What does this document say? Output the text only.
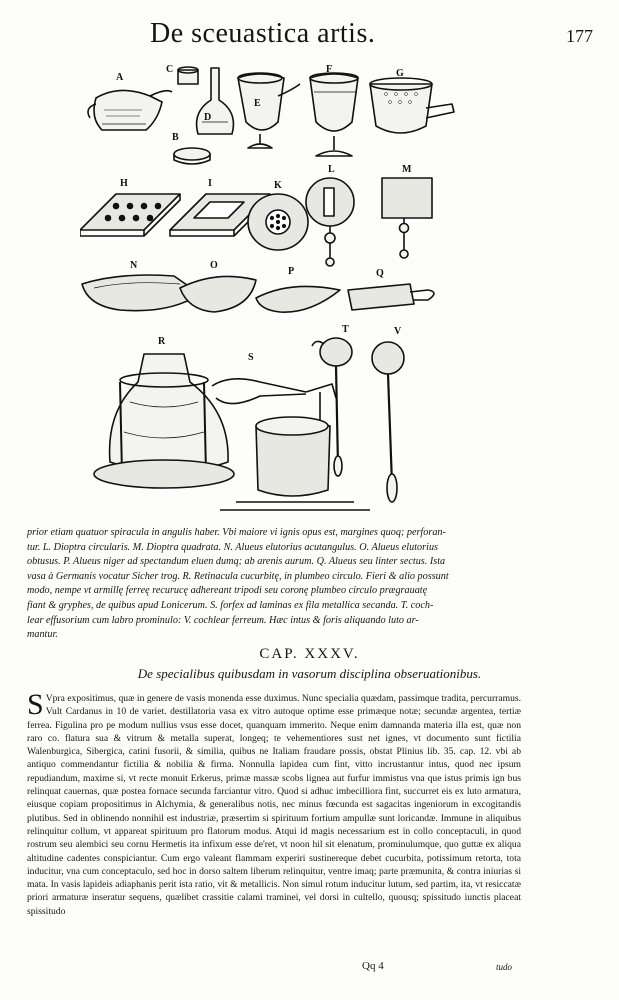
De sceuastica artis.	177
A
B
C
D
E
F	G
H	I	K
L	M
N	O
P	Q
R
S
T	V
prior etiam quatuor spiracula in angulis haber. Vbi maiore vi ignis opus est, margines quoq; perforan-
tur. L. Dioptra circularis. M. Dioptra quadrata. N. Alueus elutorius acutangulus. O. Alueus elutorius
obtusus. P. Alueus niger ad spectandum eluen dumq; ab arenis aurum. Q. Alueus seu linter sectus. Ista
vasa à Germanis vocatur Sicher trog. R. Retinacula cucurbitę, in plumbeo circulo. Fieri & alio possunt
modo, nempe vt armillę ferreę recurucę adhereant tripodi seu coronę plumbeo circulo prægrauatę
fiant & gryphes, de quibus apud Lonicerum. S. forfex ad laminas ex fila metallica secanda. T. coch-
lear effusorium cum labro prominulo: V. cochlear ferreum. Hæc intus & foris aliquando luto ar-
mantur.
CAP. XXXV.
De specialibus quibusdam in vasorum disciplina obseruationibus.
S Vpra expositimus, quæ in genere de vasis monenda esse duximus. Nunc specialia quædam, passimque tradita, percurramus. Vult Cardanus in 10 de variet. destillatoria vasa ex vitro autoque optime esse primæque notæ; secundæ argentea, tertiæ ferrea. Figulina pro pe modum nullius vsus esse docet, quanquam immerito. Neque enim damnanda materia illa est, quæ non raro co. flatura sua & vitrum & metalla superat, longeq; te vehementiores sust net ignes, vt documento sunt fictilia Walenburgica, Sibergica, catini fusorii, & similia, quibus ne Italiam fraudare possis, obstat Plinius lib. 35. cap. 12. vbi ab antiquo commendantur fictilia & nobilia & firma. Nonnulla lapidea cum fint, vitto incrustantur intus, quod nec ipsum repudiandum, maxime si, vt recte monuit Erkerus, primæ massæ scobs lignea aut furfur immistus vna que istus primis ign bus relinquat cauernas, quæ postea fornace secunda farciantur vitro. Quod si adhuc imbecilliora fint, succurret eis ex luto armatura, eiusque copiam propositimus in Alchymia, & generalibus notis, nec minus fœcunda est sagacitas ingeniorum in excogitandis plutibus. Sed in oblinendo nonnihil est industriæ, præsertim si spirituum fortium ampullæ sunt loricandæ. Immune in aliquibus relinquitur collum, vt appareat spirituum pro flatorum modus. Atqui id magis necessarium est in collo conceptaculi, in quod rostrum seu alembici seu cornu Hermetis ita infixum esse de'ret, vt noon hil sit elenatum, prominulumque, quo guttæ ex aliqua altitudine cadentes conspiciantur. Cum ergo valeant flammam experiri sustinereque debet cucurbita, potissimum retorta, tota inducitur, vna cum conceptaculo, sed hoc in dorso saltem liberum relinquitur, ventre imaq; parte præmunita, & contra iniurias si mata. In vasis lapideis adiaphanis perit ista ratio, vit & metallicis. Non simul rotum inducitur lutum, sed partim, ita, vt resiccatæ priori armaturæ inseratur sequens, quælibet crassitie calami traminei, vel dorsi in cultello, quousq; spissitudo iunctis placeat spissitudo
Qq 4	tudo
